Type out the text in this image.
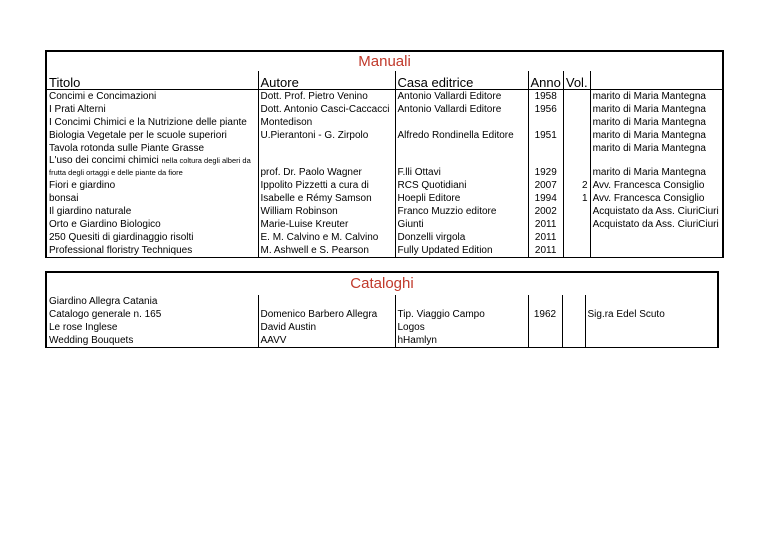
Manuali					
Titolo	Autore	Casa editrice	Anno	Vol.	
Concimi e Concimazioni	Dott. Prof. Pietro Venino	Antonio Vallardi Editore	1958		marito di Maria Mantegna
I Prati Alterni	Dott. Antonio Casci-Caccacci	Antonio Vallardi Editore	1956		marito di Maria Mantegna
I Concimi Chimici e la Nutrizione delle piante	Montedison				marito di Maria Mantegna
Biologia Vegetale per le scuole superiori	U.Pierantoni - G. Zirpolo	Alfredo Rondinella Editore	1951		marito di Maria Mantegna
Tavola rotonda sulle Piante Grasse					marito di Maria Mantegna
L'uso dei concimi chimici nella coltura degli alberi da
frutta degli ortaggi e delle piante da fiore	prof. Dr. Paolo Wagner	F.lli Ottavi	1929		marito di Maria Mantegna
Fiori e giardino	Ippolito Pizzetti a cura di	RCS Quotidiani	2007	2	Avv. Francesca Consiglio
bonsai	Isabelle e Rémy Samson	Hoepli Editore	1994	1	Avv. Francesca Consiglio
Il giardino naturale	William Robinson	Franco Muzzio editore	2002		Acquistato da Ass. CiuriCiuri
Orto e Giardino Biologico	Marie-Luise Kreuter	Giunti	2011		Acquistato da Ass. CiuriCiuri
250 Quesiti di giardinaggio risolti	E. M. Calvino e M. Calvino	Donzelli virgola	2011		
Professional floristry Techniques	M. Ashwell e S. Pearson	Fully Updated Edition	2011		
Cataloghi					
Giardino Allegra Catania					
Catalogo generale n. 165	Domenico Barbero Allegra	Tip. Viaggio Campo	1962		Sig.ra Edel Scuto
Le rose Inglese	David Austin	Logos			
Wedding Bouquets	AAVV	hHamlyn			
